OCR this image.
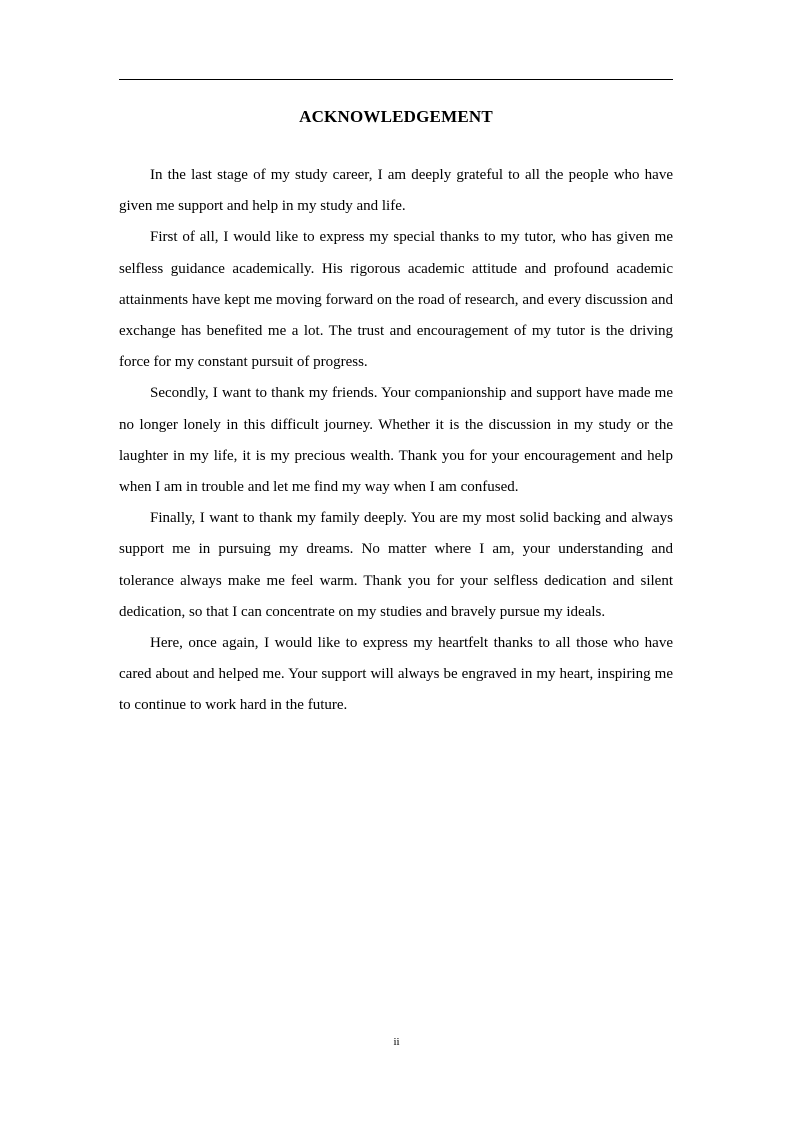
ACKNOWLEDGEMENT

In the last stage of my study career, I am deeply grateful to all the people who have given me support and help in my study and life.

First of all, I would like to express my special thanks to my tutor, who has given me selfless guidance academically. His rigorous academic attitude and profound academic attainments have kept me moving forward on the road of research, and every discussion and exchange has benefited me a lot. The trust and encouragement of my tutor is the driving force for my constant pursuit of progress.

Secondly, I want to thank my friends. Your companionship and support have made me no longer lonely in this difficult journey. Whether it is the discussion in my study or the laughter in my life, it is my precious wealth. Thank you for your encouragement and help when I am in trouble and let me find my way when I am confused.

Finally, I want to thank my family deeply. You are my most solid backing and always support me in pursuing my dreams. No matter where I am, your understanding and tolerance always make me feel warm. Thank you for your selfless dedication and silent dedication, so that I can concentrate on my studies and bravely pursue my ideals.

Here, once again, I would like to express my heartfelt thanks to all those who have cared about and helped me. Your support will always be engraved in my heart, inspiring me to continue to work hard in the future.

ii
